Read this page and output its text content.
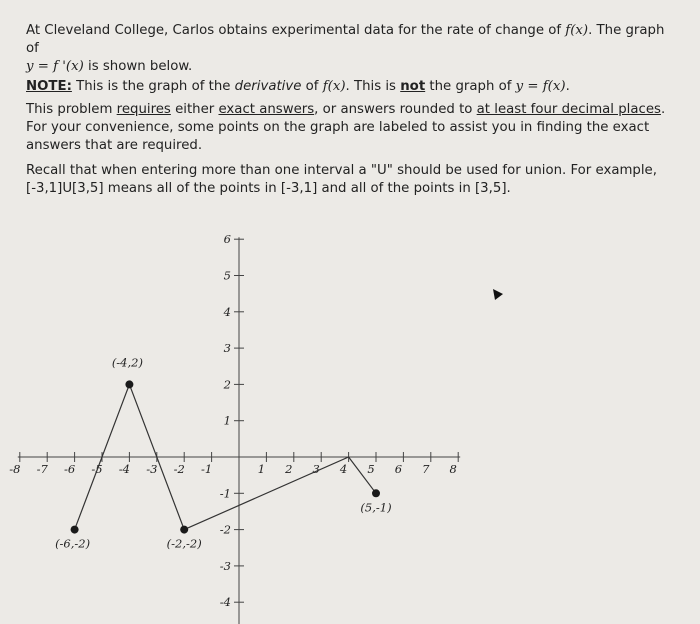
At Cleveland College, Carlos obtains experimental data for the rate of change of f(x). The graph of
y = f '(x) is shown below.
NOTE: This is the graph of the derivative of f(x). This is not the graph of y = f(x).
This problem requires either exact answers, or answers rounded to at least four decimal places. For your convenience, some points on the graph are labeled to assist you in finding the exact answers that are required.
Recall that when entering more than one interval a "U" should be used for union. For example, [-3,1]U[3,5] means all of the points in [-3,1] and all of the points in [3,5].
-8 -7 -6 -5 -4 -3 -2 -1	1 2 3 4 5 6 7 8
6
5
4
3
2
1
-1
-2
-3
-4
(-6,-2)
(-4,2)
(-2,-2)
(5,-1)
